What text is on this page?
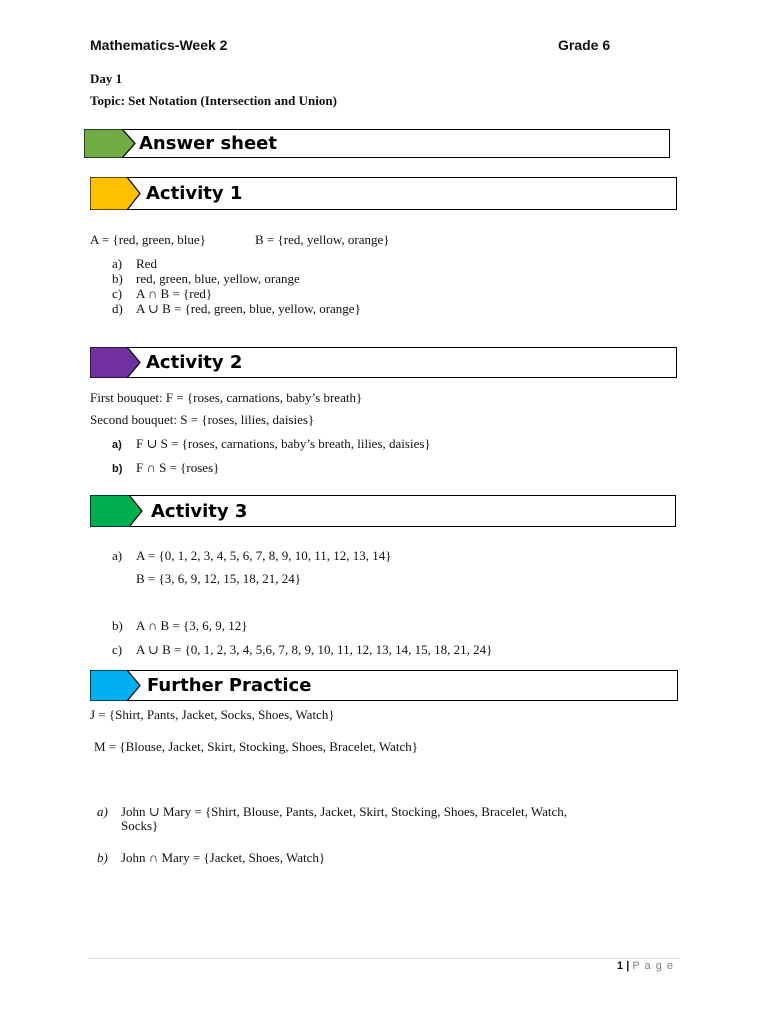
Mathematics-Week 2	Grade 6
Day 1
Topic: Set Notation (Intersection and Union)
Answer sheet
Activity 1
A = {red, green, blue}	B = {red, yellow, orange}
a) Red
b) red, green, blue, yellow, orange
c) A ∩ B = {red}
d) A ∪ B = {red, green, blue, yellow, orange}
Activity 2
First bouquet: F = {roses, carnations, baby’s breath}
Second bouquet: S = {roses, lilies, daisies}
a) F ∪ S = {roses, carnations, baby’s breath, lilies, daisies}
b) F ∩ S = {roses}
Activity 3
a) A = {0, 1, 2, 3, 4, 5, 6, 7, 8, 9, 10, 11, 12, 13, 14}
B = {3, 6, 9, 12, 15, 18, 21, 24}
b) A ∩ B = {3, 6, 9, 12}
c) A ∪ B = {0, 1, 2, 3, 4, 5,6, 7, 8, 9, 10, 11, 12, 13, 14, 15, 18, 21, 24}
Further Practice
J = {Shirt, Pants, Jacket, Socks, Shoes, Watch}
M = {Blouse, Jacket, Skirt, Stocking, Shoes, Bracelet, Watch}
a) John ∪ Mary = {Shirt, Blouse, Pants, Jacket, Skirt, Stocking, Shoes, Bracelet, Watch,
Socks}
b) John ∩ Mary = {Jacket, Shoes, Watch}
1 | P a g e
